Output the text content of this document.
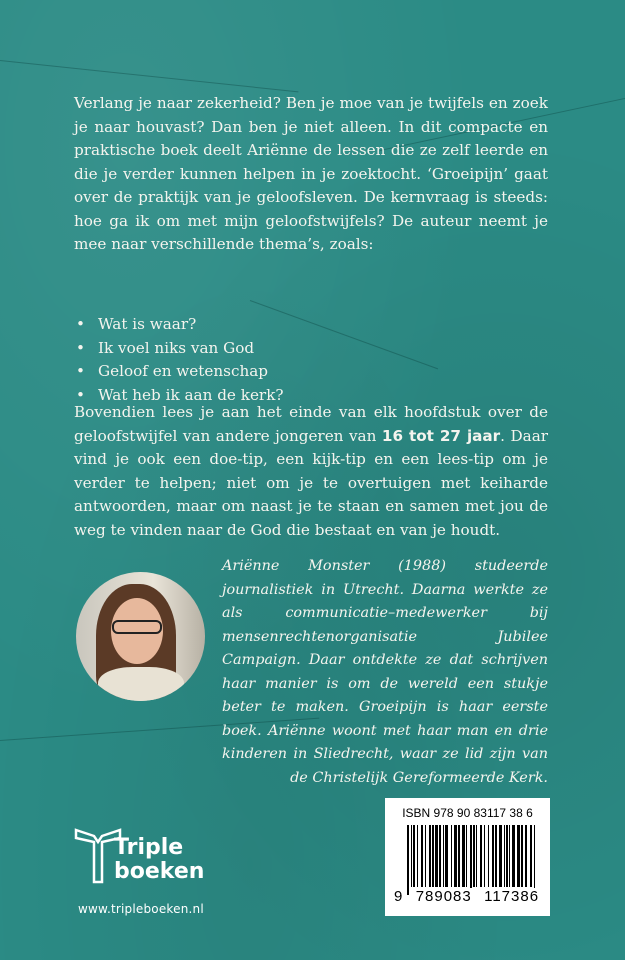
Verlang je naar zekerheid? Ben je moe van je twijfels en zoek je naar houvast? Dan ben je niet alleen. In dit compacte en praktische boek deelt Ariënne de lessen die ze zelf leerde en die je verder kunnen helpen in je zoektocht. ‘Groeipijn’ gaat over de praktijk van je geloofsleven. De kernvraag is steeds: hoe ga ik om met mijn geloofstwijfels? De auteur neemt je mee naar verschillende thema’s, zoals:

• Wat is waar?
• Ik voel niks van God
• Geloof en wetenschap
• Wat heb ik aan de kerk?

Bovendien lees je aan het einde van elk hoofdstuk over de geloofstwijfel van andere jongeren van 16 tot 27 jaar. Daar vind je ook een doe-tip, een kijk-tip en een lees-tip om je verder te helpen; niet om je te overtuigen met keiharde antwoorden, maar om naast je te staan en samen met jou de weg te vinden naar de God die bestaat en van je houdt.

Ariënne Monster (1988) studeerde journalistiek in Utrecht. Daarna werkte ze als communicatie–medewerker bij mensenrechtenorganisatie Jubilee Campaign. Daar ontdekte ze dat schrijven haar manier is om de wereld een stukje beter te maken. Groeipijn is haar eerste boek. Ariënne woont met haar man en drie kinderen in Sliedrecht, waar ze lid zijn van de Christelijk Gereformeerde Kerk.

Triple
boeken
www.tripleboeken.nl
ISBN 978 90 83117 38 6
9 789083 117386
